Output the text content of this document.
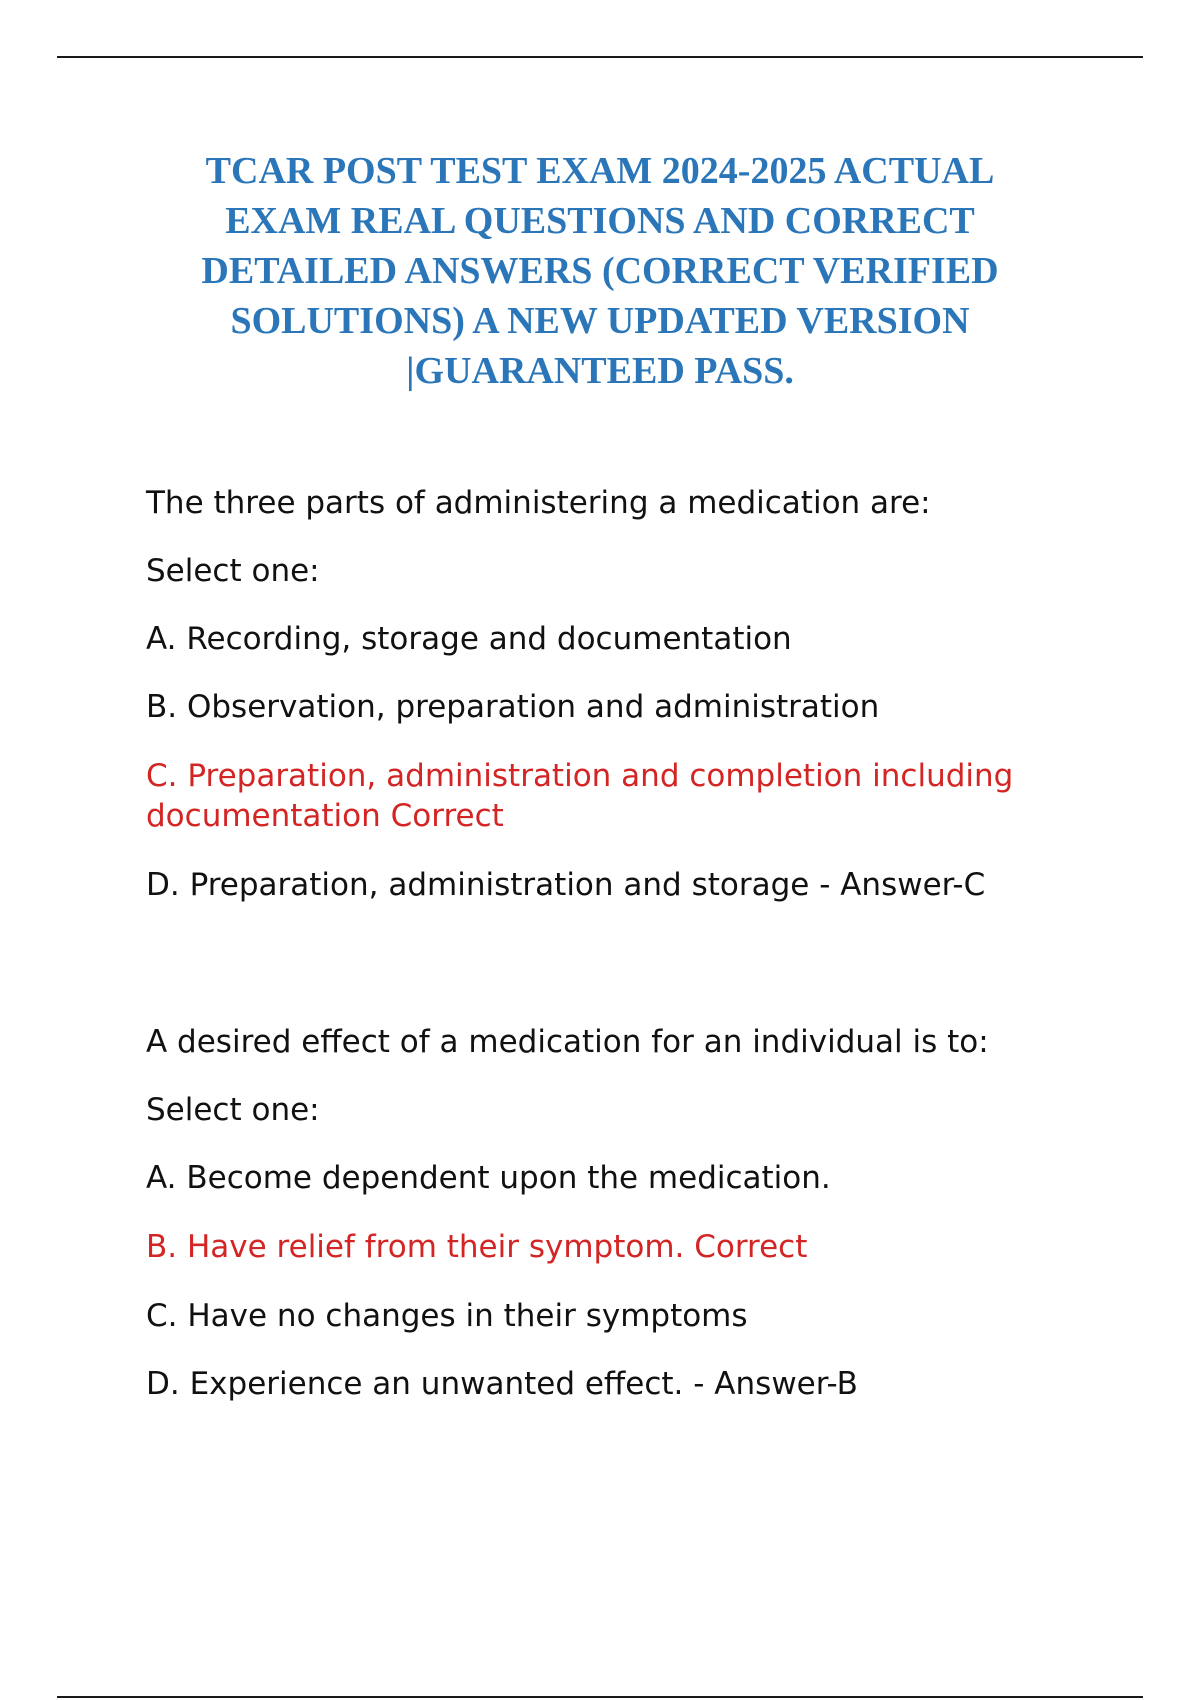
TCAR POST TEST EXAM 2024-2025 ACTUAL
EXAM REAL QUESTIONS AND CORRECT
DETAILED ANSWERS (CORRECT VERIFIED
SOLUTIONS) A NEW UPDATED VERSION
|GUARANTEED PASS.
The three parts of administering a medication are:
Select one:
A. Recording, storage and documentation
B. Observation, preparation and administration
C. Preparation, administration and completion including documentation Correct
D. Preparation, administration and storage - Answer-C
A desired effect of a medication for an individual is to:
Select one:
A. Become dependent upon the medication.
B. Have relief from their symptom. Correct
C. Have no changes in their symptoms
D. Experience an unwanted effect. - Answer-B
